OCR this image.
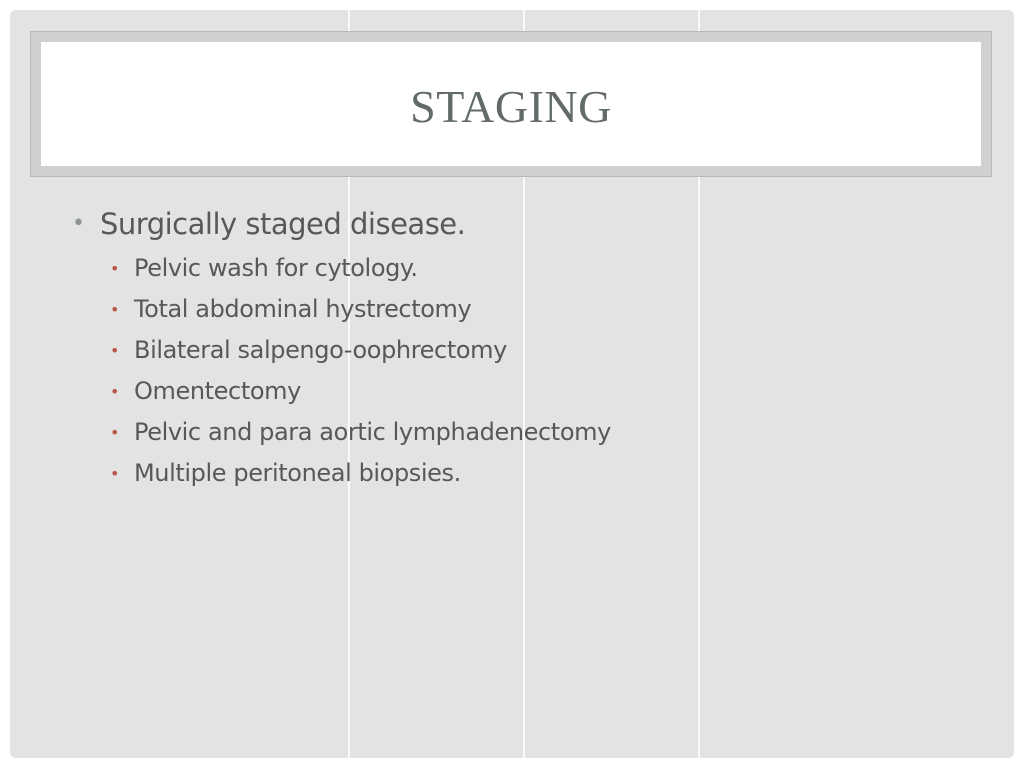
STAGING
• Surgically staged disease.
• Pelvic wash for cytology.
• Total abdominal hystrectomy
• Bilateral salpengo-oophrectomy
• Omentectomy
• Pelvic and para aortic lymphadenectomy
• Multiple peritoneal biopsies.
